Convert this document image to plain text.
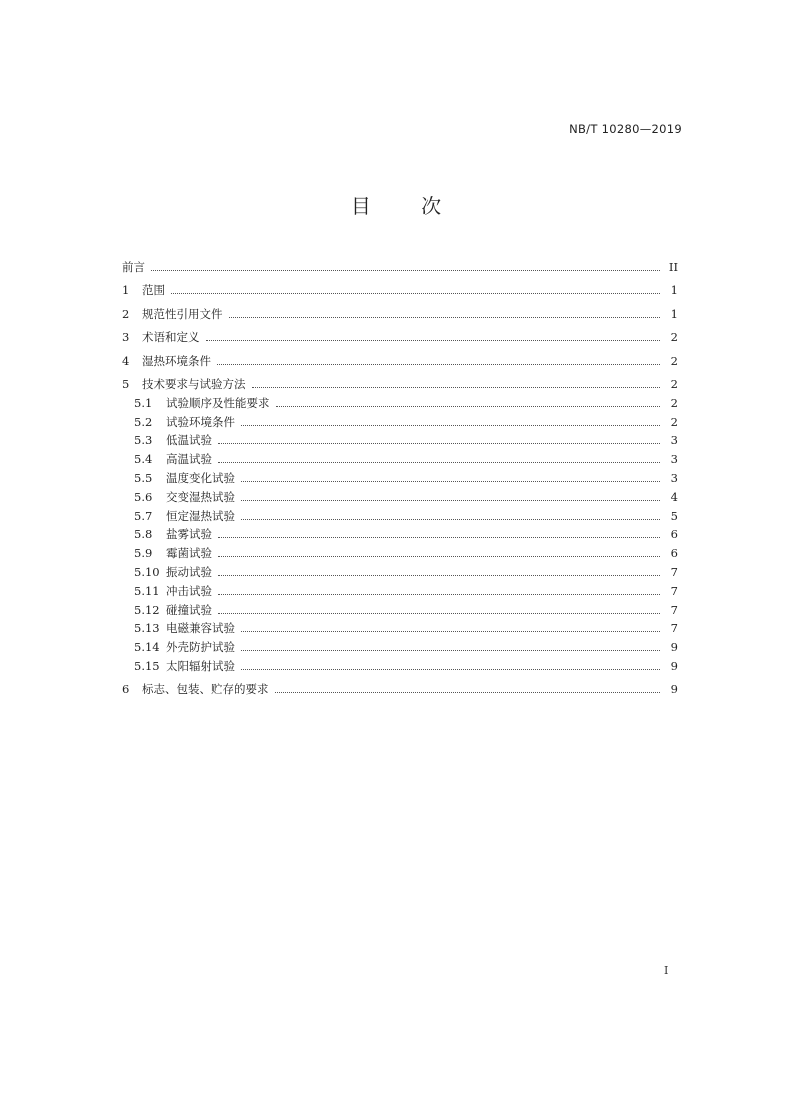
NB/T 10280—2019
目 次
前言	II
1	范围	1
2	规范性引用文件	1
3	术语和定义	2
4	湿热环境条件	2
5	技术要求与试验方法	2
5.1	试验顺序及性能要求	2
5.2	试验环境条件	2
5.3	低温试验	3
5.4	高温试验	3
5.5	温度变化试验	3
5.6	交变湿热试验	4
5.7	恒定湿热试验	5
5.8	盐雾试验	6
5.9	霉菌试验	6
5.10 振动试验	7
5.11 冲击试验	7
5.12 碰撞试验	7
5.13 电磁兼容试验	7
5.14 外壳防护试验	9
5.15 太阳辐射试验	9
6	标志、包装、贮存的要求	9
I
